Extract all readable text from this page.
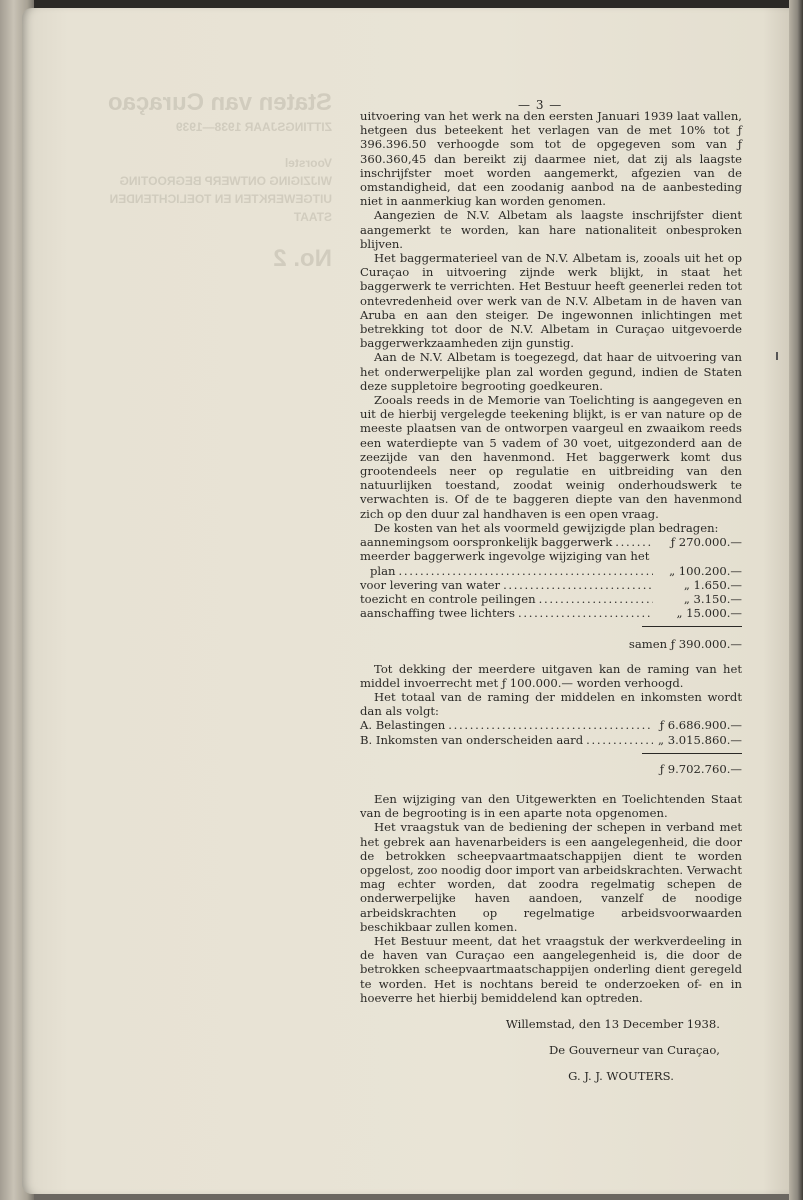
Staten van Curaçao
ZITTINGSJAAR 1938—1939

Voorstel
WIJZIGING ONTWERP BEGROOTING
UITGEWERKTEN EN TOELICHTENDEN
STAAT

No. 2
— 3 —

uitvoering van het werk na den eersten Januari 1939 laat vallen, hetgeen dus beteekent het verlagen van de met 10% tot ƒ 396.396.50 verhoogde som tot de opgegeven som van ƒ 360.360,45 dan bereikt zij daarmee niet, dat zij als laagste inschrijfster moet worden aangemerkt, afgezien van de omstandigheid, dat een zoodanig aanbod na de aanbesteding niet in aanmerkiug kan worden genomen.

Aangezien de N.V. Albetam als laagste inschrijfster dient aangemerkt te worden, kan hare nationaliteit onbesproken blijven.

Het baggermaterieel van de N.V. Albetam is, zooals uit het op Curaçao in uitvoering zijnde werk blijkt, in staat het baggerwerk te verrichten. Het Bestuur heeft geenerlei reden tot ontevredenheid over werk van de N.V. Albetam in de haven van Aruba en aan den steiger. De ingewonnen inlichtingen met betrekking tot door de N.V. Albetam in Curaçao uitgevoerde baggerwerkzaamheden zijn gunstig.

Aan de N.V. Albetam is toegezegd, dat haar de uitvoering van het onderwerpelijke plan zal worden gegund, indien de Staten deze suppletoire begrooting goedkeuren.

Zooals reeds in de Memorie van Toelichting is aangegeven en uit de hierbij vergelegde teekening blijkt, is er van nature op de meeste plaatsen van de ontworpen vaargeul en zwaaikom reeds een waterdiepte van 5 vadem of 30 voet, uitgezonderd aan de zeezijde van den havenmond. Het baggerwerk komt dus grootendeels neer op regulatie en uitbreiding van den natuurlijken toestand, zoodat weinig onderhoudswerk te verwachten is. Of de te baggeren diepte van den havenmond zich op den duur zal handhaven is een open vraag.

De kosten van het als voormeld gewijzigde plan bedragen:

aannemingsom oorspronkelijk baggerwerk . . .	ƒ 270.000.—
meerder baggerwerk ingevolge wijziging van het
plan . . .	„ 100.200.—
voor levering van water . . .	„ 1.650.—
toezicht en controle peilingen . . .	„ 3.150.—
aanschaffing twee lichters . . .	„ 15.000.—
samen ƒ 390.000.—

Tot dekking der meerdere uitgaven kan de raming van het middel invoerrecht met ƒ 100.000.— worden verhoogd.

Het totaal van de raming der middelen en inkomsten wordt dan als volgt:

A. Belastingen . . .	ƒ 6.686.900.—
B. Inkomsten van onderscheiden aard . . .	„ 3.015.860.—
ƒ 9.702.760.—

Een wijziging van den Uitgewerkten en Toelichtenden Staat van de begrooting is in een aparte nota opgenomen.

Het vraagstuk van de bediening der schepen in verband met het gebrek aan havenarbeiders is een aangelegenheid, die door de betrokken scheepvaartmaatschappijen dient te worden opgelost, zoo noodig door import van arbeidskrachten. Verwacht mag echter worden, dat zoodra regelmatig schepen de onderwerpelijke haven aandoen, vanzelf de noodige arbeidskrachten op regelmatige arbeidsvoorwaarden beschikbaar zullen komen.

Het Bestuur meent, dat het vraagstuk der werkverdeeling in de haven van Curaçao een aangelegenheid is, die door de betrokken scheepvaartmaatschappijen onderling dient geregeld te worden. Het is nochtans bereid te onderzoeken of- en in hoeverre het hierbij bemiddelend kan optreden.

Willemstad, den 13 December 1938.
De Gouverneur van Curaçao,
G. J. J. WOUTERS.
